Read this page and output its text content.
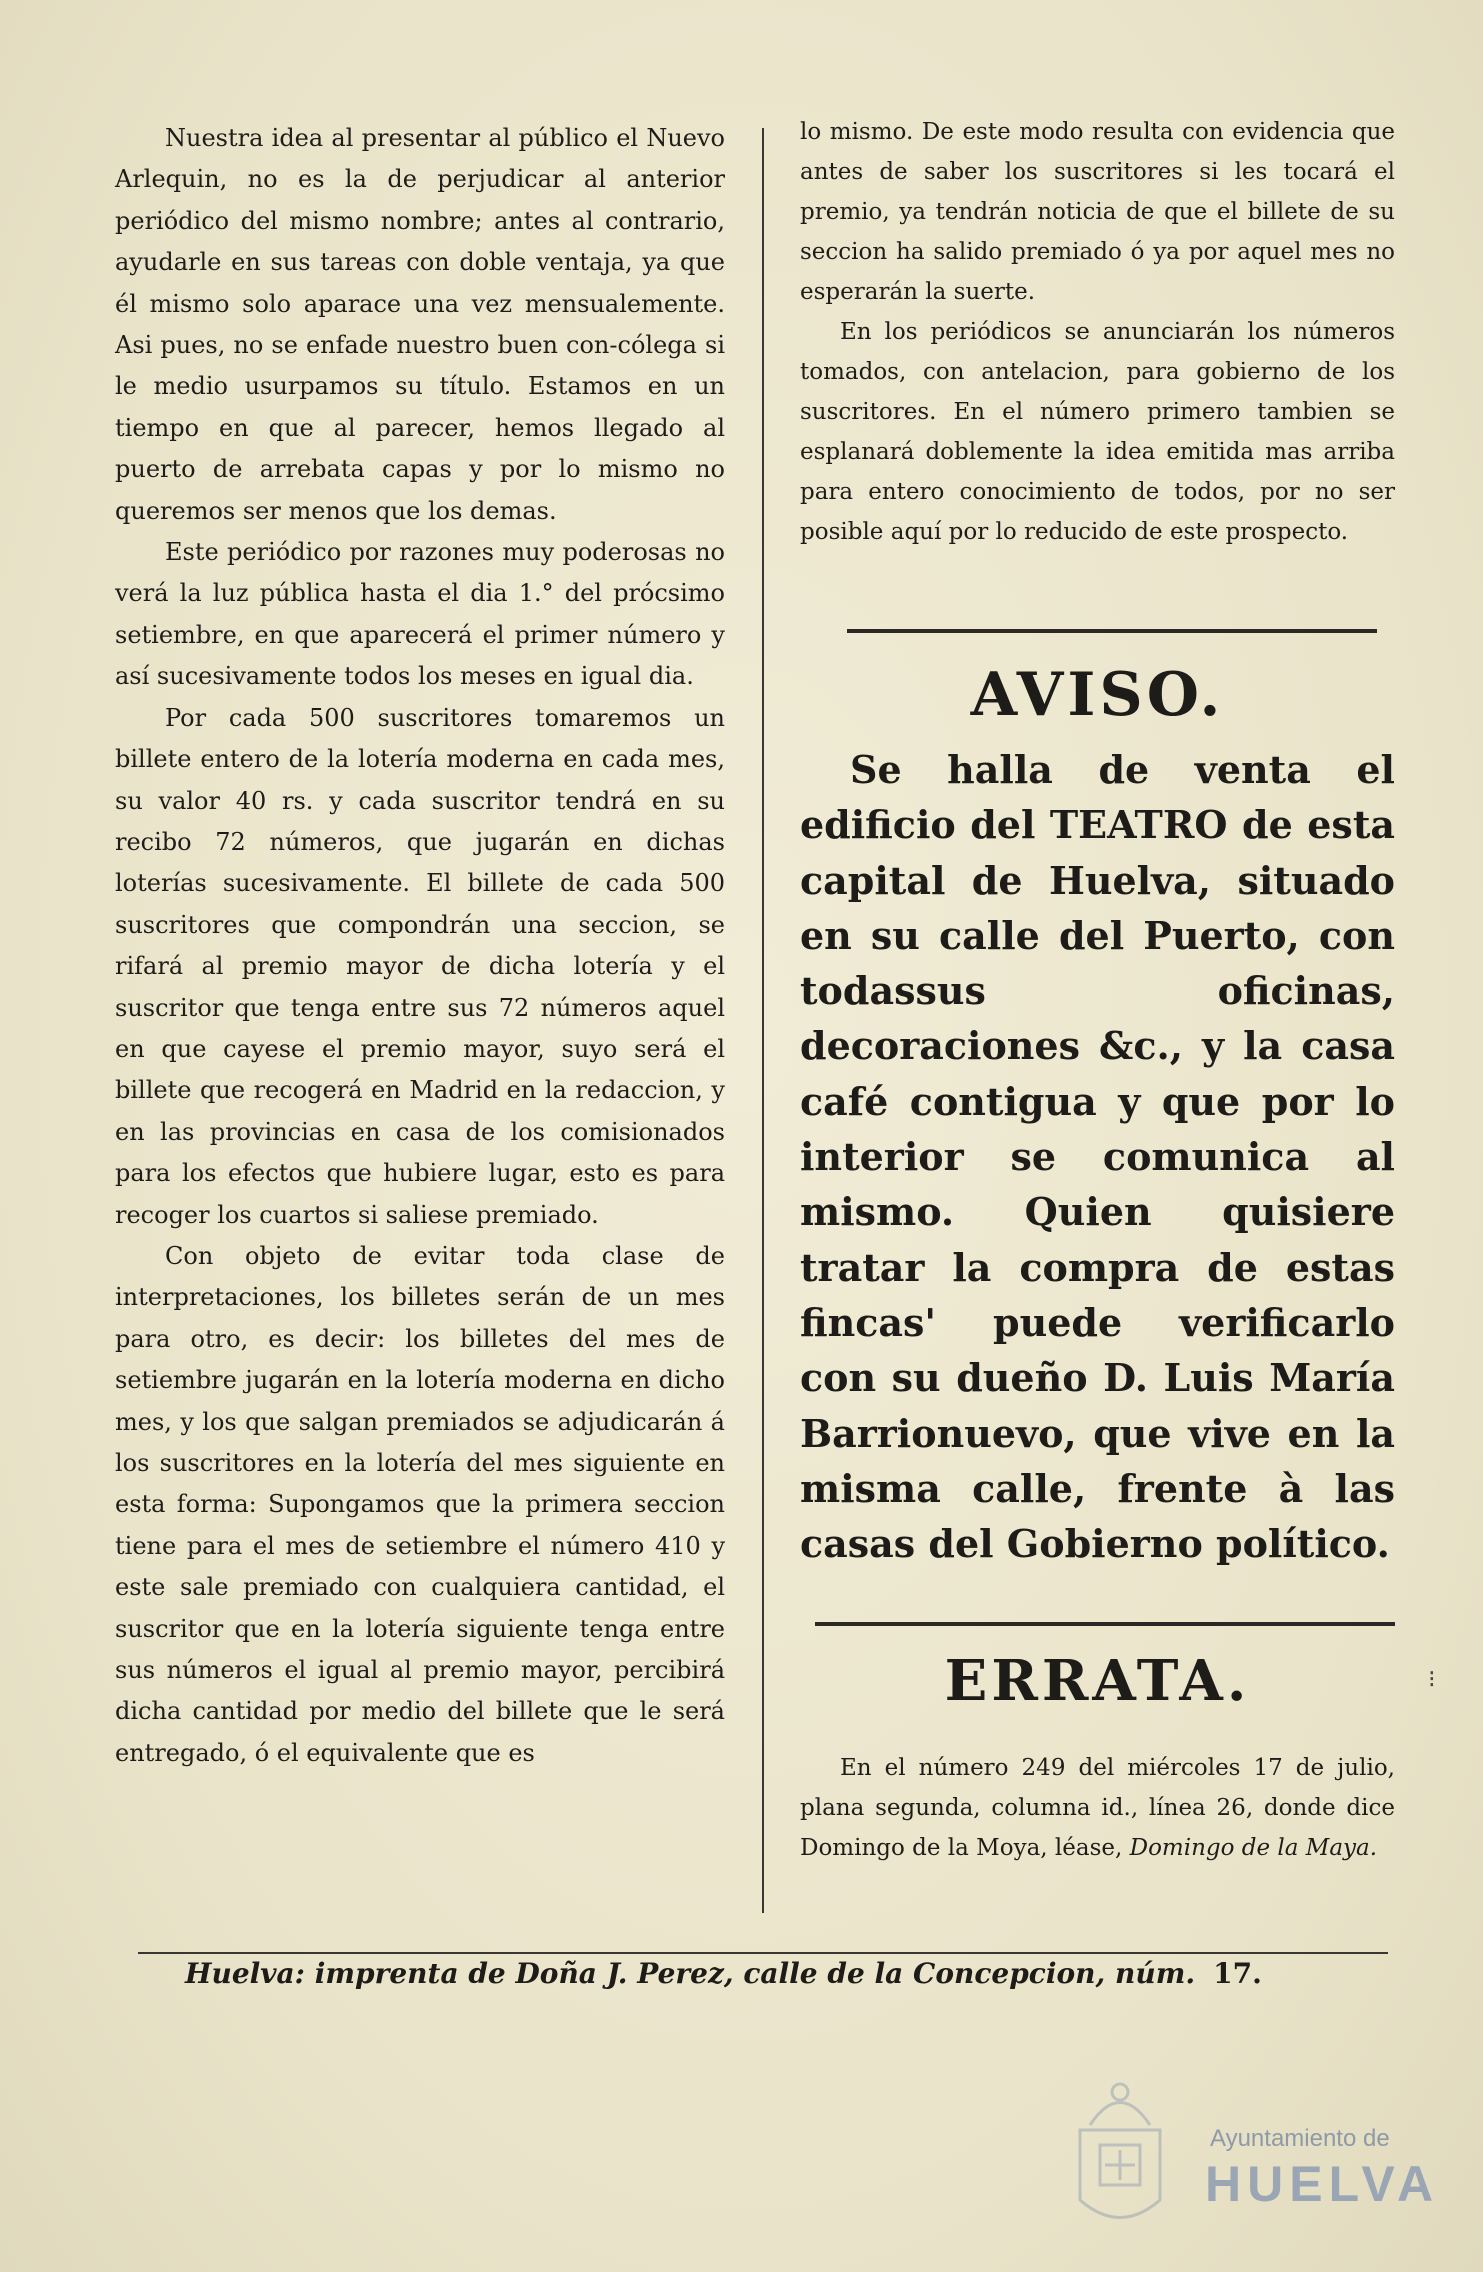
Nuestra idea al presentar al público el Nuevo Arlequin, no es la de perjudicar al anterior periódico del mismo nombre; antes al contrario, ayudarle en sus tareas con doble ventaja, ya que él mismo solo aparace una vez mensualemente. Asi pues, no se enfade nuestro buen con-cólega si le medio usurpamos su título. Estamos en un tiempo en que al parecer, hemos llegado al puerto de arrebata capas y por lo mismo no queremos ser menos que los demas.

Este periódico por razones muy poderosas no verá la luz pública hasta el dia 1.° del prócsimo setiembre, en que aparecerá el primer número y así sucesivamente todos los meses en igual dia.

Por cada 500 suscritores tomaremos un billete entero de la lotería moderna en cada mes, su valor 40 rs. y cada suscritor tendrá en su recibo 72 números, que jugarán en dichas loterías sucesivamente. El billete de cada 500 suscritores que compondrán una seccion, se rifará al premio mayor de dicha lotería y el suscritor que tenga entre sus 72 números aquel en que cayese el premio mayor, suyo será el billete que recogerá en Madrid en la redaccion, y en las provincias en casa de los comisionados para los efectos que hubiere lugar, esto es para recoger los cuartos si saliese premiado.

Con objeto de evitar toda clase de interpretaciones, los billetes serán de un mes para otro, es decir: los billetes del mes de setiembre jugarán en la lotería moderna en dicho mes, y los que salgan premiados se adjudicarán á los suscritores en la lotería del mes siguiente en esta forma: Supongamos que la primera seccion tiene para el mes de setiembre el número 410 y este sale premiado con cualquiera cantidad, el suscritor que en la lotería siguiente tenga entre sus números el igual al premio mayor, percibirá dicha cantidad por medio del billete que le será entregado, ó el equivalente que es

lo mismo. De este modo resulta con evidencia que antes de saber los suscritores si les tocará el premio, ya tendrán noticia de que el billete de su seccion ha salido premiado ó ya por aquel mes no esperarán la suerte.

En los periódicos se anunciarán los números tomados, con antelacion, para gobierno de los suscritores. En el número primero tambien se esplanará doblemente la idea emitida mas arriba para entero conocimiento de todos, por no ser posible aquí por lo reducido de este prospecto.

AVISO.

Se halla de venta el edificio del TEATRO de esta capital de Huelva, situado en su calle del Puerto, con todassus oficinas, decoraciones &c., y la casa café contigua y que por lo interior se comunica al mismo. Quien quisiere tratar la compra de estas fincas' puede verificarlo con su dueño D. Luis María Barrionuevo, que vive en la misma calle, frente à las casas del Gobierno político.

ERRATA.

En el número 249 del miércoles 17 de julio, plana segunda, columna id., línea 26, donde dice Domingo de la Moya, léase, Domingo de la Maya.

Huelva: imprenta de Doña J. Perez, calle de la Concepcion, núm. 17.
Ayuntamiento de
HUELVA
⁝
